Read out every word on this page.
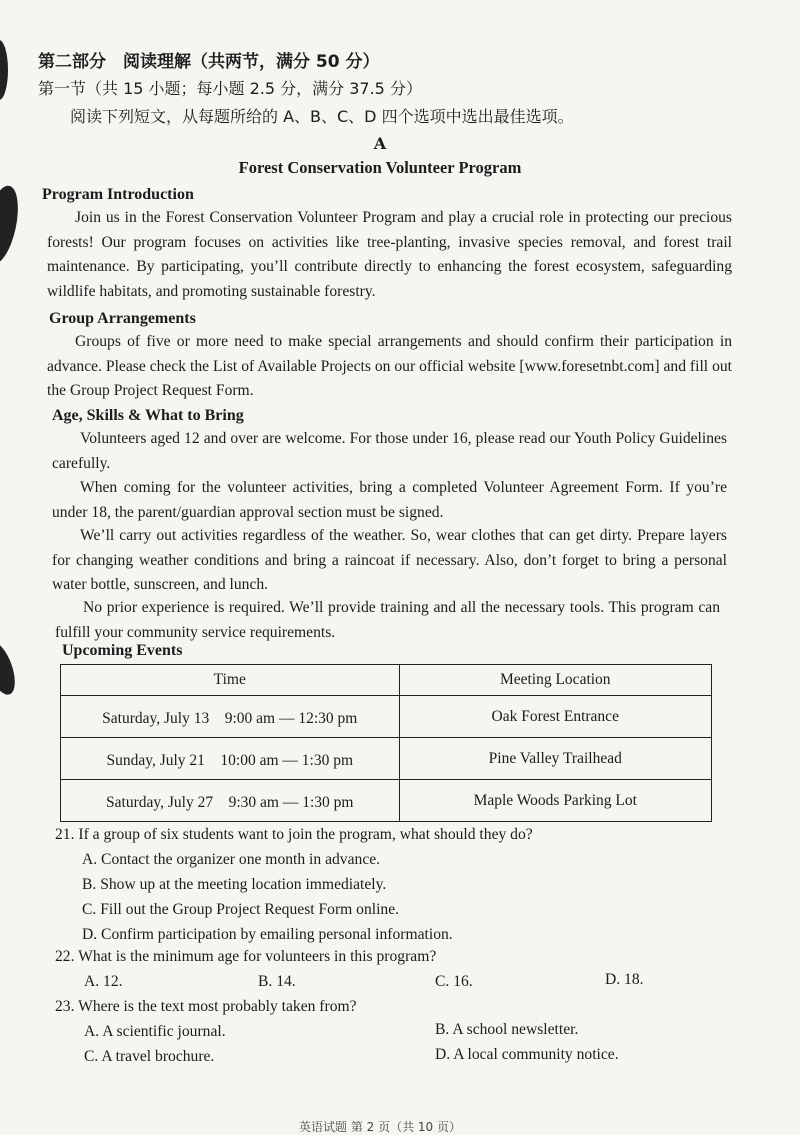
第二部分　阅读理解（共两节，满分 50 分）
第一节（共 15 小题；每小题 2.5 分，满分 37.5 分）
阅读下列短文，从每题所给的 A、B、C、D 四个选项中选出最佳选项。
A
Forest Conservation Volunteer Program
Program Introduction
Join us in the Forest Conservation Volunteer Program and play a crucial role in protecting our precious forests! Our program focuses on activities like tree-planting, invasive species removal, and forest trail maintenance. By participating, you’ll contribute directly to enhancing the forest ecosystem, safeguarding wildlife habitats, and promoting sustainable forestry.
Group Arrangements
Groups of five or more need to make special arrangements and should confirm their participation in advance. Please check the List of Available Projects on our official website [www.foresetnbt.com] and fill out the Group Project Request Form.
Age, Skills & What to Bring
Volunteers aged 12 and over are welcome. For those under 16, please read our Youth Policy Guidelines carefully.
When coming for the volunteer activities, bring a completed Volunteer Agreement Form. If you’re under 18, the parent/guardian approval section must be signed.
We’ll carry out activities regardless of the weather. So, wear clothes that can get dirty. Prepare layers for changing weather conditions and bring a raincoat if necessary. Also, don’t forget to bring a personal water bottle, sunscreen, and lunch.
No prior experience is required. We’ll provide training and all the necessary tools. This program can fulfill your community service requirements.
Upcoming Events
Time	Meeting Location
Saturday, July 13　9:00 am — 12:30 pm	Oak Forest Entrance
Sunday, July 21　10:00 am — 1:30 pm	Pine Valley Trailhead
Saturday, July 27　9:30 am — 1:30 pm	Maple Woods Parking Lot
21. If a group of six students want to join the program, what should they do?
A. Contact the organizer one month in advance.
B. Show up at the meeting location immediately.
C. Fill out the Group Project Request Form online.
D. Confirm participation by emailing personal information.
22. What is the minimum age for volunteers in this program?
A. 12.	B. 14.	C. 16.	D. 18.
23. Where is the text most probably taken from?
A. A scientific journal.	B. A school newsletter.
C. A travel brochure.	D. A local community notice.
英语试题 第 2 页（共 10 页）
